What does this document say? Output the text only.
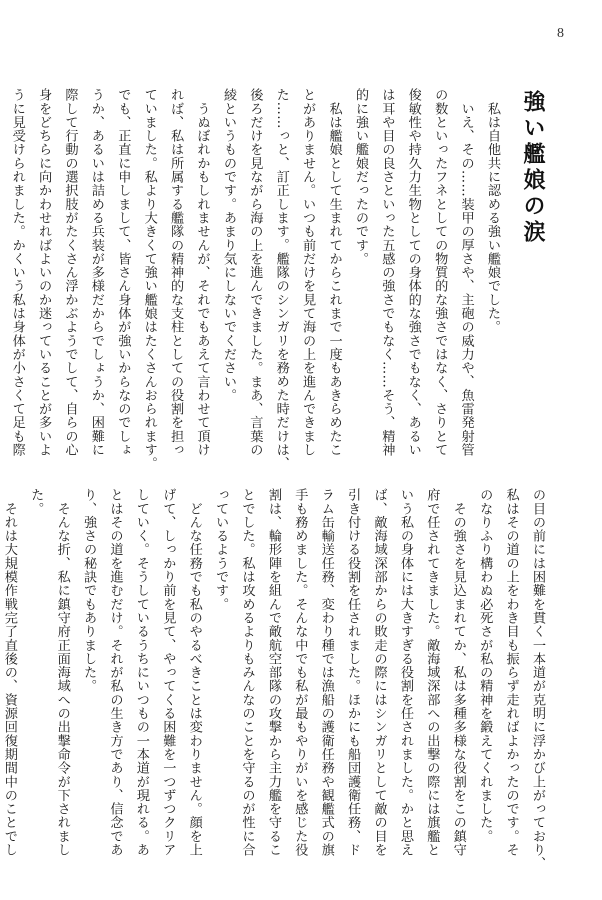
8
強い艦娘の涙
　私は自他共に認める強い艦娘でした。
　いえ、その……装甲の厚さや、主砲の威力や、魚雷発射管
の数といったフネとしての物質的な強さではなく、さりとて
俊敏性や持久力生物としての身体的な強さでもなく、あるい
は耳や目の良さといった五感の強さでもなく……そう、精神
的に強い艦娘だったのです。
　私は艦娘として生まれてからこれまで一度もあきらめたこ
とがありません。いつも前だけを見て海の上を進んできまし
た……っと、訂正します。艦隊のシンガリを務めた時だけは、
後ろだけを見ながら海の上を進んできました。まあ、言葉の
綾というものです。あまり気にしないでください。
　うぬぼれかもしれませんが、それでもあえて言わせて頂け
れば、私は所属する艦隊の精神的な支柱としての役割を担っ
ていました。私より大きくて強い艦娘はたくさんおられます。
でも、正直に申しまして、皆さん身体が強いからなのでしょ
うか、あるいは詰める兵装が多様だからでしょうか、困難に
際して行動の選択肢がたくさん浮かぶようでして、自らの心
身をどちらに向かわせればよいのか迷っていることが多いよ
うに見受けられました。かくいう私は身体が小さくて足も際
の目の前には困難を貫く一本道が克明に浮かび上がっており、
私はその道の上をわき目も振らず走ればよかったのです。そ
のなりふり構わぬ必死さが私の精神を鍛えてくれました。
　その強さを見込まれてか、私は多種多様な役割をこの鎮守
府で任されてきました。敵海域深部への出撃の際には旗艦と
いう私の身体には大きすぎる役割を任されました。かと思え
ば、敵海域深部からの敗走の際にはシンガリとして敵の目を
引き付ける役割を任されました。ほかにも船団護衛任務、ド
ラム缶輸送任務、変わり種では漁船の護衛任務や観艦式の旗
手も務めました。そんな中でも私が最もやりがいを感じた役
割は、輪形陣を組んで敵航空部隊の攻撃から主力艦を守るこ
とでした。私は攻めるよりもみんなのことを守るのが性に合
っているようです。
　どんな任務でも私のやるべきことは変わりません。顔を上
げて、しっかり前を見て、やってくる困難を一つずつクリア
していく。そうしているうちにいつもの一本道が現れる。あ
とはその道を進むだけ。それが私の生き方であり、信念であ
り、強さの秘訣でもありました。
　そんな折、私に鎮守府正面海域への出撃命令が下されまし
た。
　それは大規模作戦完了直後の、資源回復期間中のことでし
